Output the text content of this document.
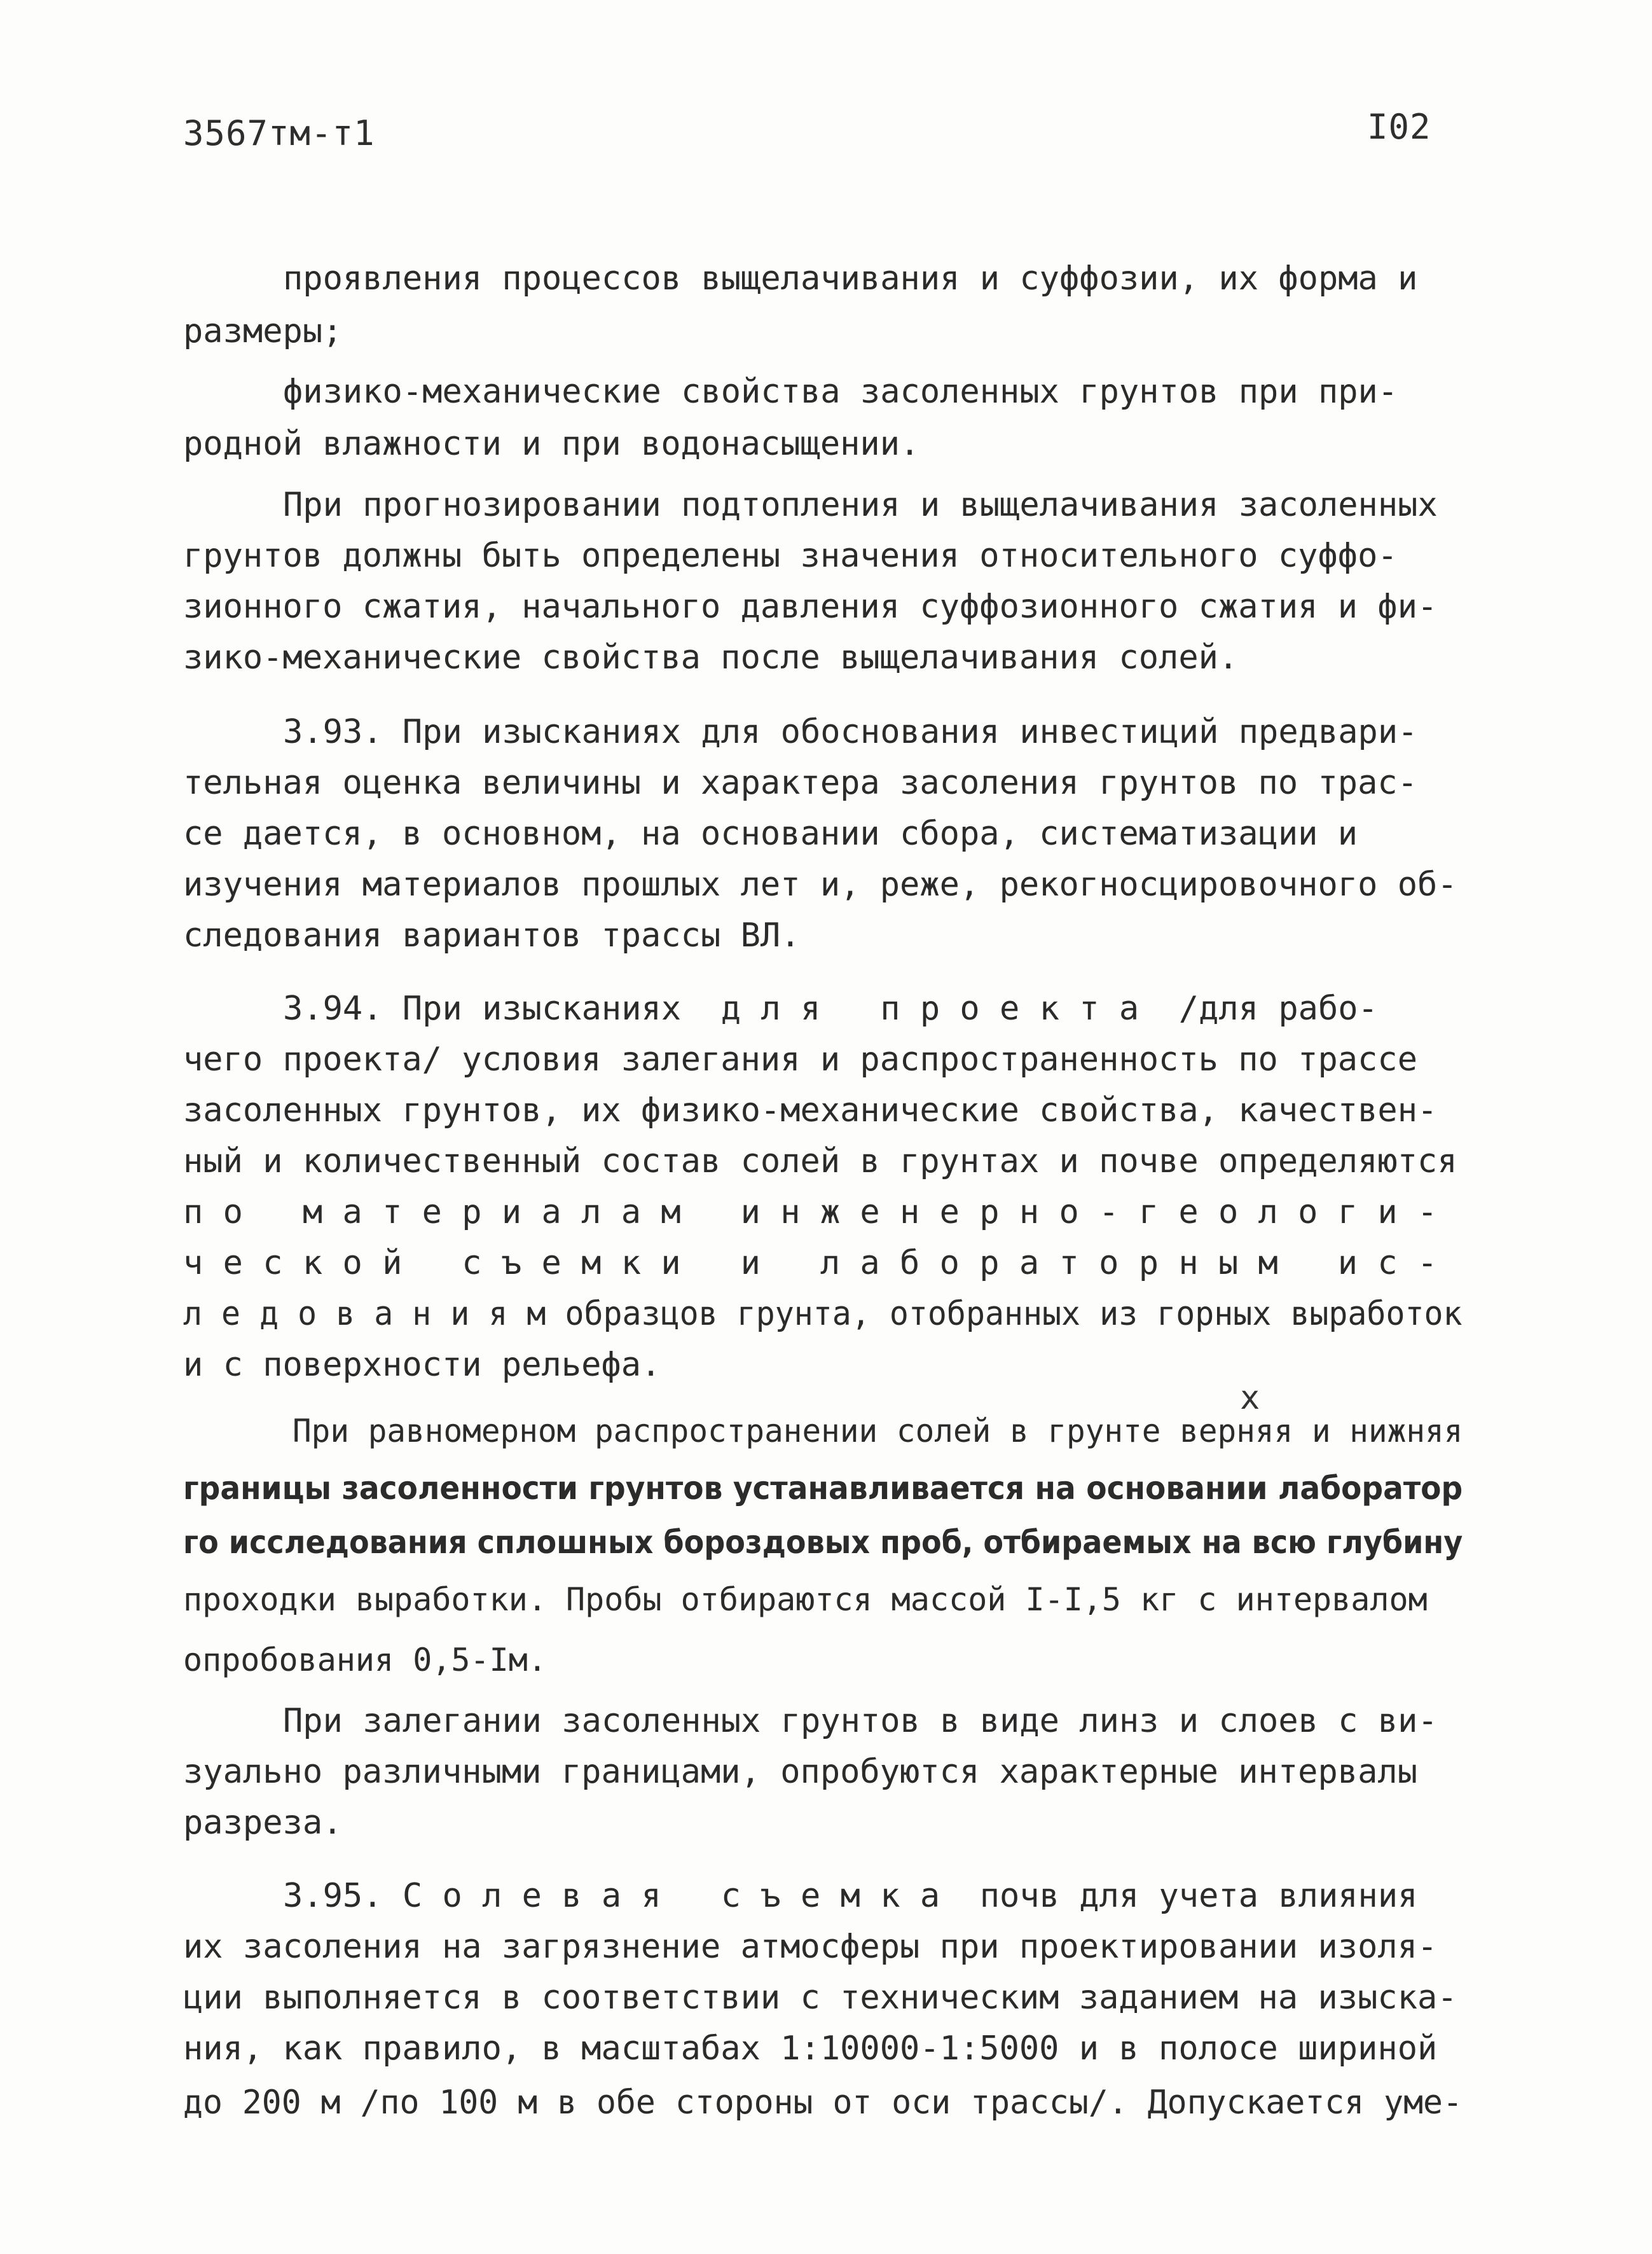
3567тм-т1	I02
проявления процессов выщелачивания и суффозии, их форма и
размеры;
физико-механические свойства засоленных грунтов при при-
родной влажности и при водонасыщении.
При прогнозировании подтопления и выщелачивания засоленных
грунтов должны быть определены значения относительного суффо-
зионного сжатия, начального давления суффозионного сжатия и фи-
зико-механические свойства после выщелачивания солей.
3.93. При изысканиях для обоснования инвестиций предвари-
тельная оценка величины и характера засоления грунтов по трас-
се дается, в основном, на основании сбора, систематизации и
изучения материалов прошлых лет и, реже, рекогносцировочного об-
следования вариантов трассы ВЛ.
3.94. При изысканиях  д л я   п р о е к т а  /для рабо-
чего проекта/ условия залегания и распространенность по трассе
засоленных грунтов, их физико-механические свойства, качествен-
ный и количественный состав солей в грунтах и почве определяются
п о   м а т е р и а л а м   и н ж е н е р н о - г е о л о г и -
ч е с к о й   с ъ е м к и   и   л а б о р а т о р н ы м   и с -
л е д о в а н и я м образцов грунта, отобранных из горных выработок
и с поверхности рельефа.
x
При равномерном распространении солей в грунте верняя и нижняя
границы засоленности грунтов устанавливается на основании лаборатор
го исследования сплошных бороздовых проб, отбираемых на всю глубину
проходки выработки. Пробы отбираются массой I-I,5 кг с интервалом
опробования 0,5-Iм.
При залегании засоленных грунтов в виде линз и слоев с ви-
зуально различными границами, опробуются характерные интервалы
разреза.
3.95. С о л е в а я   с ъ е м к а  почв для учета влияния
их засоления на загрязнение атмосферы при проектировании изоля-
ции выполняется в соответствии с техническим заданием на изыска-
ния, как правило, в масштабах 1:10000-1:5000 и в полосе шириной
до 200 м /по 100 м в обе стороны от оси трассы/. Допускается уме-
